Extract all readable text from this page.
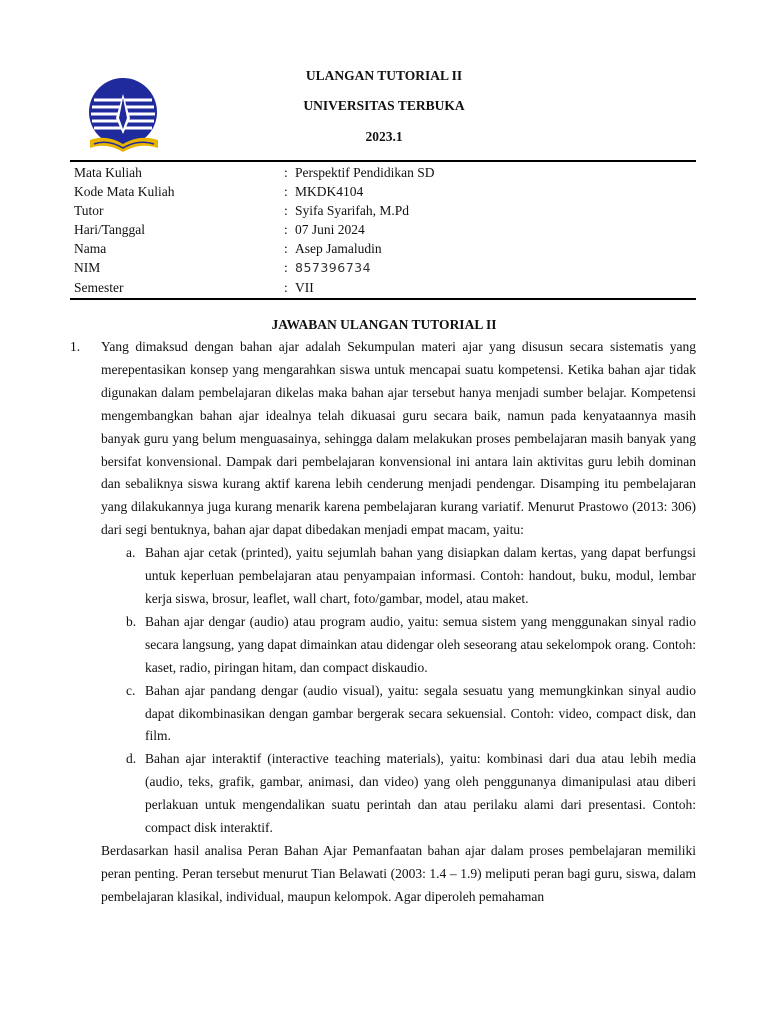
ULANGAN TUTORIAL II
UNIVERSITAS TERBUKA
2023.1
Mata Kuliah	: Perspektif Pendidikan SD
Kode Mata Kuliah	: MKDK4104
Tutor	: Syifa Syarifah, M.Pd
Hari/Tanggal	: 07 Juni 2024
Nama	: Asep Jamaludin
NIM	: 857396734
Semester	: VII
JAWABAN ULANGAN TUTORIAL II
1. Yang dimaksud dengan bahan ajar adalah Sekumpulan materi ajar yang disusun secara sistematis yang merepentasikan konsep yang mengarahkan siswa untuk mencapai suatu kompetensi. Ketika bahan ajar tidak digunakan dalam pembelajaran dikelas maka bahan ajar tersebut hanya menjadi sumber belajar. Kompetensi mengembangkan bahan ajar idealnya telah dikuasai guru secara baik, namun pada kenyataannya masih banyak guru yang belum menguasainya, sehingga dalam melakukan proses pembelajaran masih banyak yang bersifat konvensional. Dampak dari pembelajaran konvensional ini antara lain aktivitas guru lebih dominan dan sebaliknya siswa kurang aktif karena lebih cenderung menjadi pendengar. Disamping itu pembelajaran yang dilakukannya juga kurang menarik karena pembelajaran kurang variatif. Menurut Prastowo (2013: 306) dari segi bentuknya, bahan ajar dapat dibedakan menjadi empat macam, yaitu:

a. Bahan ajar cetak (printed), yaitu sejumlah bahan yang disiapkan dalam kertas, yang dapat berfungsi untuk keperluan pembelajaran atau penyampaian informasi. Contoh: handout, buku, modul, lembar kerja siswa, brosur, leaflet, wall chart, foto/gambar, model, atau maket.

b. Bahan ajar dengar (audio) atau program audio, yaitu: semua sistem yang menggunakan sinyal radio secara langsung, yang dapat dimainkan atau didengar oleh seseorang atau sekelompok orang. Contoh: kaset, radio, piringan hitam, dan compact diskaudio.

c. Bahan ajar pandang dengar (audio visual), yaitu: segala sesuatu yang memungkinkan sinyal audio dapat dikombinasikan dengan gambar bergerak secara sekuensial. Contoh: video, compact disk, dan film.

d. Bahan ajar interaktif (interactive teaching materials), yaitu: kombinasi dari dua atau lebih media (audio, teks, grafik, gambar, animasi, dan video) yang oleh penggunanya dimanipulasi atau diberi perlakuan untuk mengendalikan suatu perintah dan atau perilaku alami dari presentasi. Contoh: compact disk interaktif.

Berdasarkan hasil analisa Peran Bahan Ajar Pemanfaatan bahan ajar dalam proses pembelajaran memiliki peran penting. Peran tersebut menurut Tian Belawati (2003: 1.4 – 1.9) meliputi peran bagi guru, siswa, dalam pembelajaran klasikal, individual, maupun kelompok. Agar diperoleh pemahaman
